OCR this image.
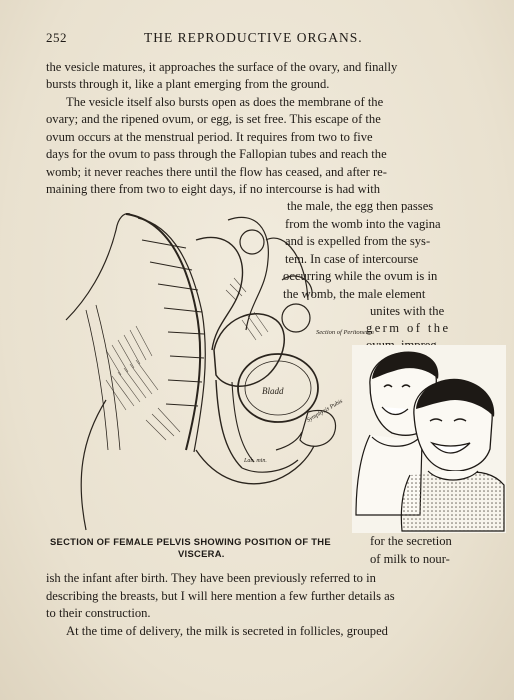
252	THE REPRODUCTIVE ORGANS.
the vesicle matures, it approaches the surface of the ovary, and finally
bursts through it, like a plant emerging from the ground.
The vesicle itself also bursts open as does the membrane of the
ovary; and the ripened ovum, or egg, is set free. This escape of the
ovum occurs at the menstrual period. It requires from two to five
days for the ovum to pass through the Fallopian tubes and reach the
womb; it never reaches there until the flow has ceased, and after re-
maining there from two to eight days, if no intercourse is had with
the male, the egg then passes
from the womb into the vagina
and is expelled from the sys-
tem. In case of intercourse
occurring while the ovum is in
the womb, the male element
unites with the
germ of the
Bladd
Symphysis Pubis
Lab. min.
Section of Peritoneum
SECTION OF FEMALE PELVIS SHOWING POSITION OF THE
VISCERA.
for the secretion
of milk to nour-
ish the infant after birth. They have been previously referred to in
describing the breasts, but I will here mention a few further details as
to their construction.
At the time of delivery, the milk is secreted in follicles, grouped
